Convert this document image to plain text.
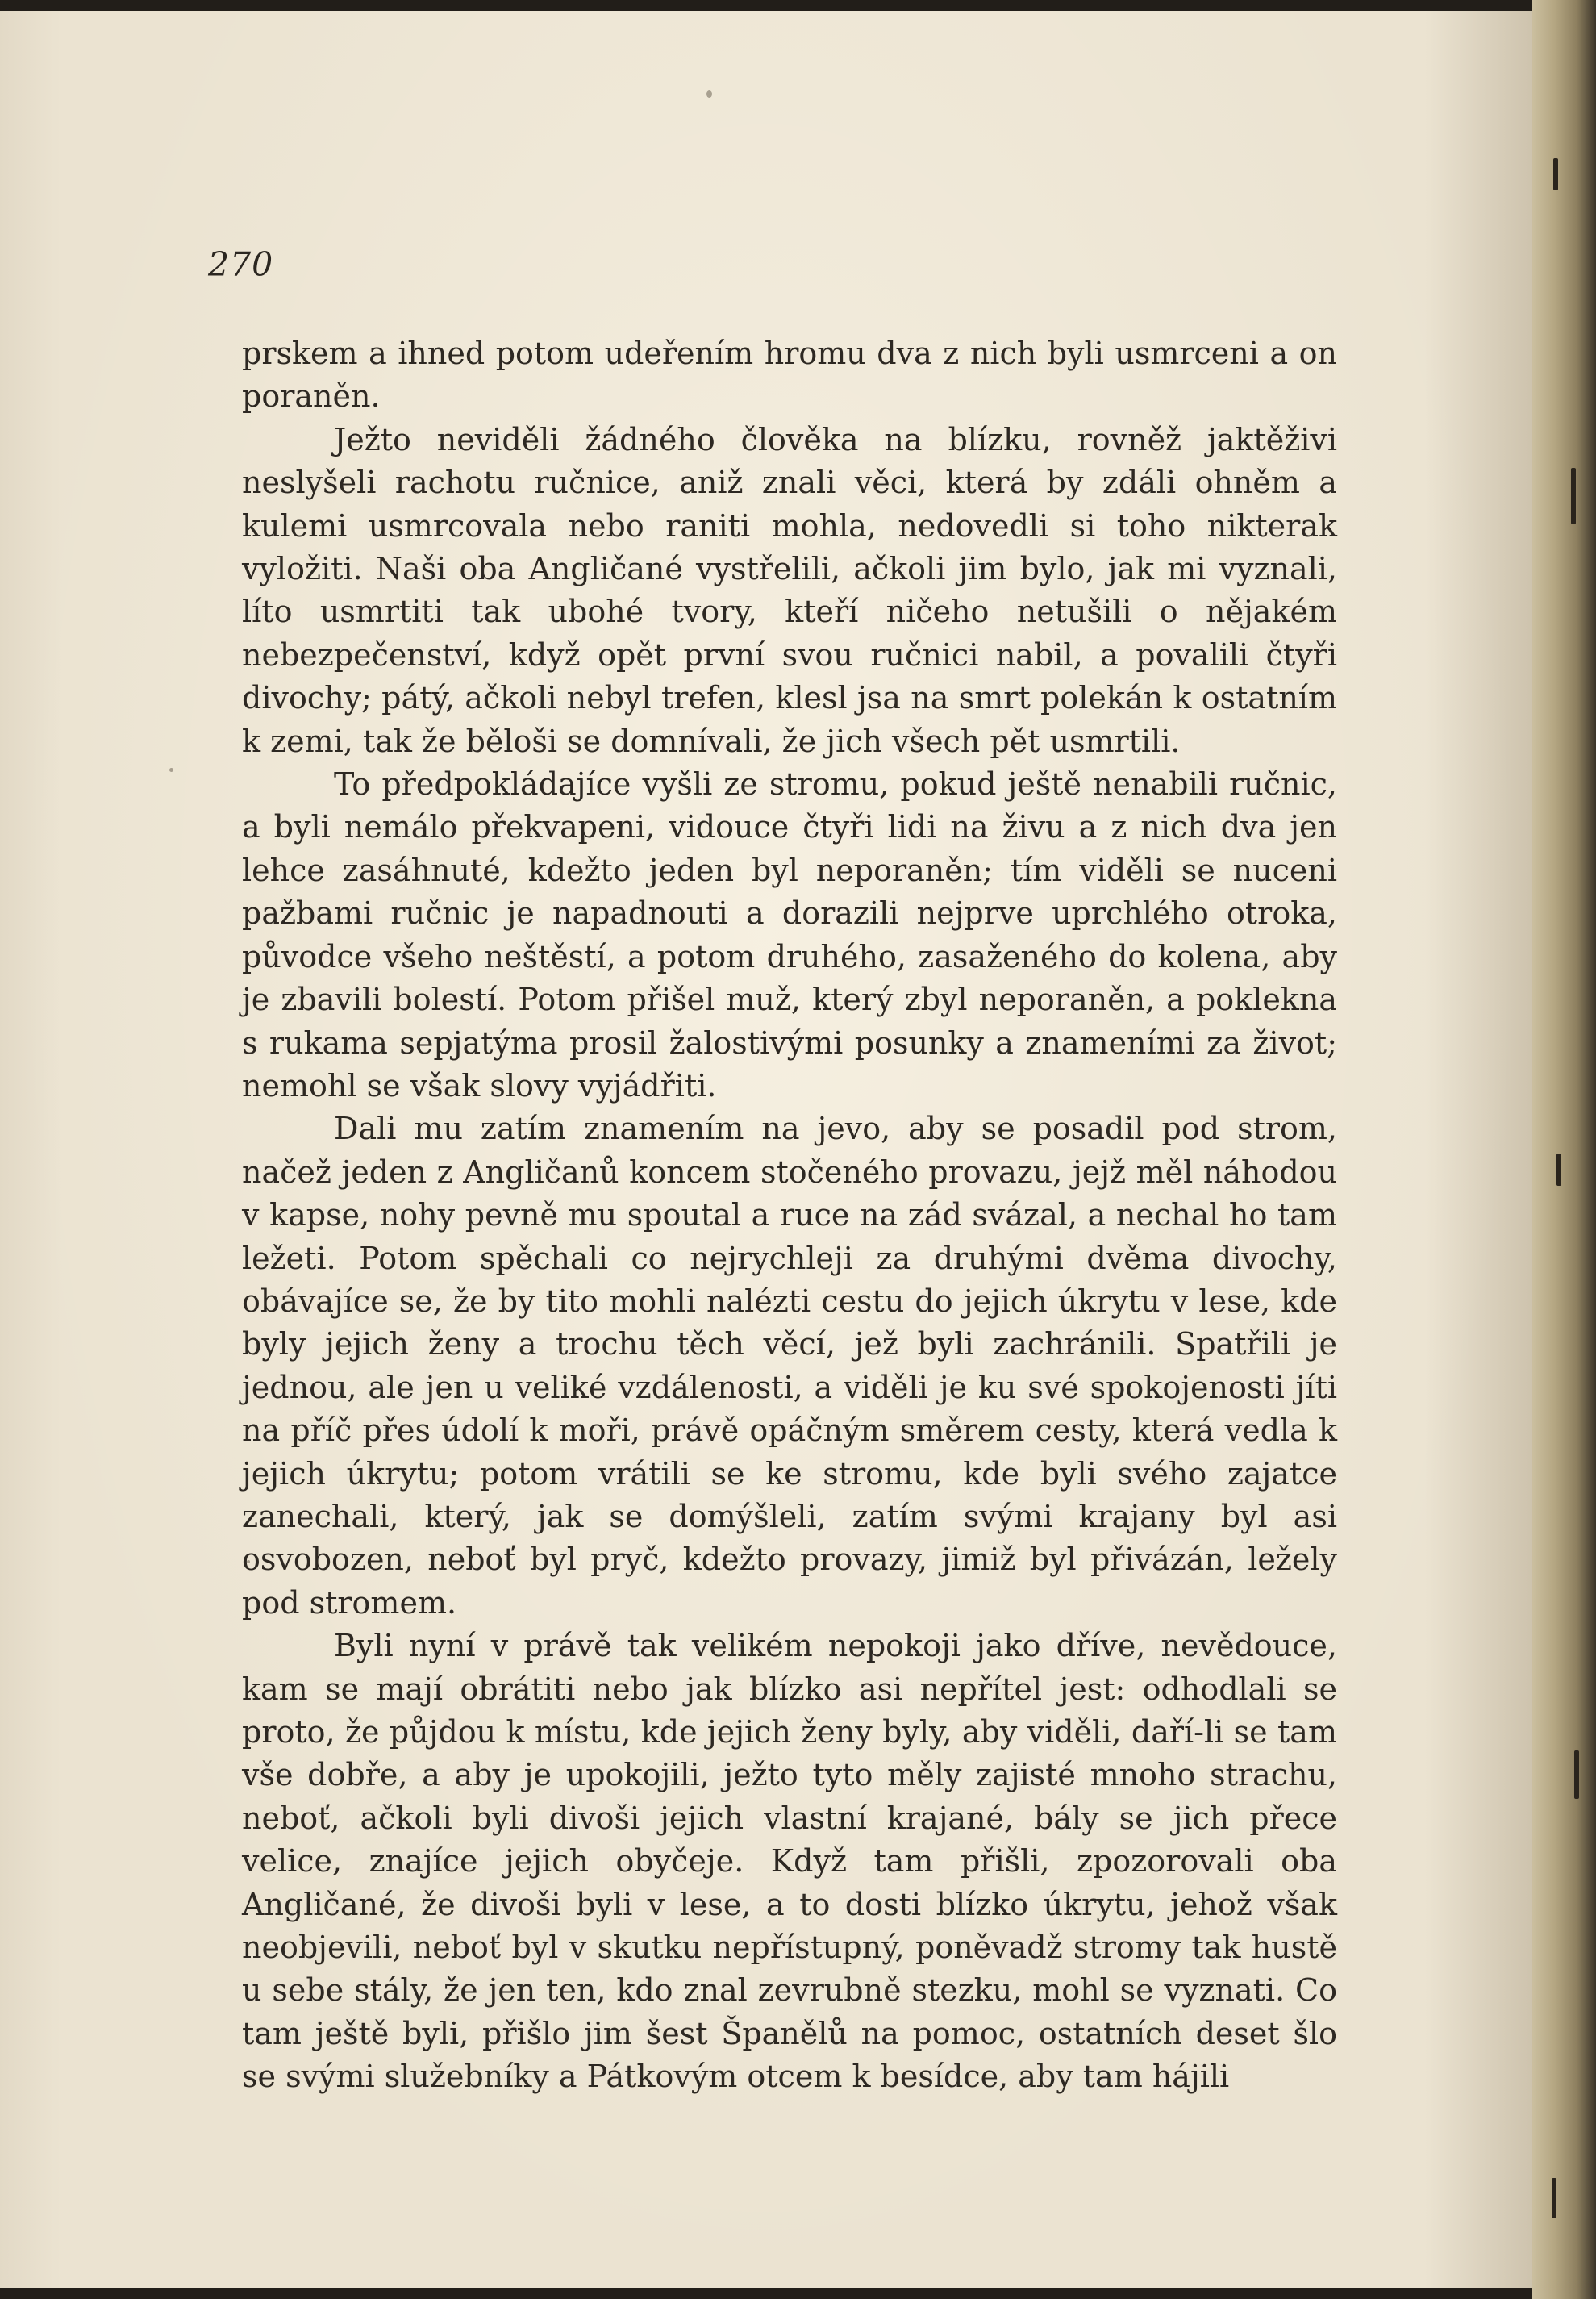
270

prskem a ihned potom udeřením hromu dva z nich byli usmrceni a on poraněn.

Ježto neviděli žádného člověka na blízku, rovněž jaktěživi neslyšeli rachotu ručnice, aniž znali věci, která by zdáli ohněm a kulemi usmrcovala nebo raniti mohla, nedovedli si toho nikterak vyložiti. Naši oba Angličané vystřelili, ačkoli jim bylo, jak mi vyznali, líto usmrtiti tak ubohé tvory, kteří ničeho netušili o nějakém nebezpečenství, když opět první svou ručnici nabil, a povalili čtyři divochy; pátý, ačkoli nebyl trefen, klesl jsa na smrt polekán k ostatním k zemi, tak že běloši se domnívali, že jich všech pět usmrtili.

To předpokládajíce vyšli ze stromu, pokud ještě nenabili ručnic, a byli nemálo překvapeni, vidouce čtyři lidi na živu a z nich dva jen lehce zasáhnuté, kdežto jeden byl neporaněn; tím viděli se nuceni pažbami ručnic je napadnouti a dorazili nejprve uprchlého otroka, původce všeho neštěstí, a potom druhého, zasaženého do kolena, aby je zbavili bolestí. Potom přišel muž, který zbyl neporaněn, a pokleknа s rukama sepjatýma prosil žalostivými posunky a znameními za život; nemohl se však slovy vyjádřiti.

Dali mu zatím znamením na jevo, aby se posadil pod strom, načež jeden z Angličanů koncem stočeného provazu, jejž měl náhodou v kapse, nohy pevně mu spoutal a ruce na zád svázal, a nechal ho tam ležeti. Potom spěchali co nejrychleji za druhými dvěma divochy, obávajíce se, že by tito mohli nalézti cestu do jejich úkrytu v lese, kde byly jejich ženy a trochu těch věcí, jež byli zachránili. Spatřili je jednou, ale jen u veliké vzdálenosti, a viděli je ku své spokojenosti jíti na příč přes údolí k moři, právě opáčným směrem cesty, která vedla k jejich úkrytu; potom vrátili se ke stromu, kde byli svého zajatce zanechali, který, jak se domýšleli, zatím svými krajany byl asi osvobozen, neboť byl pryč, kdežto provazy, jimiž byl přivázán, ležely pod stromem.

Byli nyní v právě tak velikém nepokoji jako dříve, nevědouce, kam se mají obrátiti nebo jak blízko asi nepřítel jest: odhodlali se proto, že půjdou k místu, kde jejich ženy byly, aby viděli, daří-li se tam vše dobře, a aby je upokojili, ježto tyto měly zajisté mnoho strachu, neboť, ačkoli byli divoši jejich vlastní krajané, bály se jich přece velice, znajíce jejich obyčeje. Když tam přišli, zpozorovali oba Angličané, že divoši byli v lese, a to dosti blízko úkrytu, jehož však neobjevili, neboť byl v skutku nepřístupný, poněvadž stromy tak hustě u sebe stály, že jen ten, kdo znal zevrubně stezku, mohl se vyznati. Co tam ještě byli, přišlo jim šest Španělů na pomoc, ostatních deset šlo se svými služebníky a Pátkovým otcem k besídce, aby tam hájili
